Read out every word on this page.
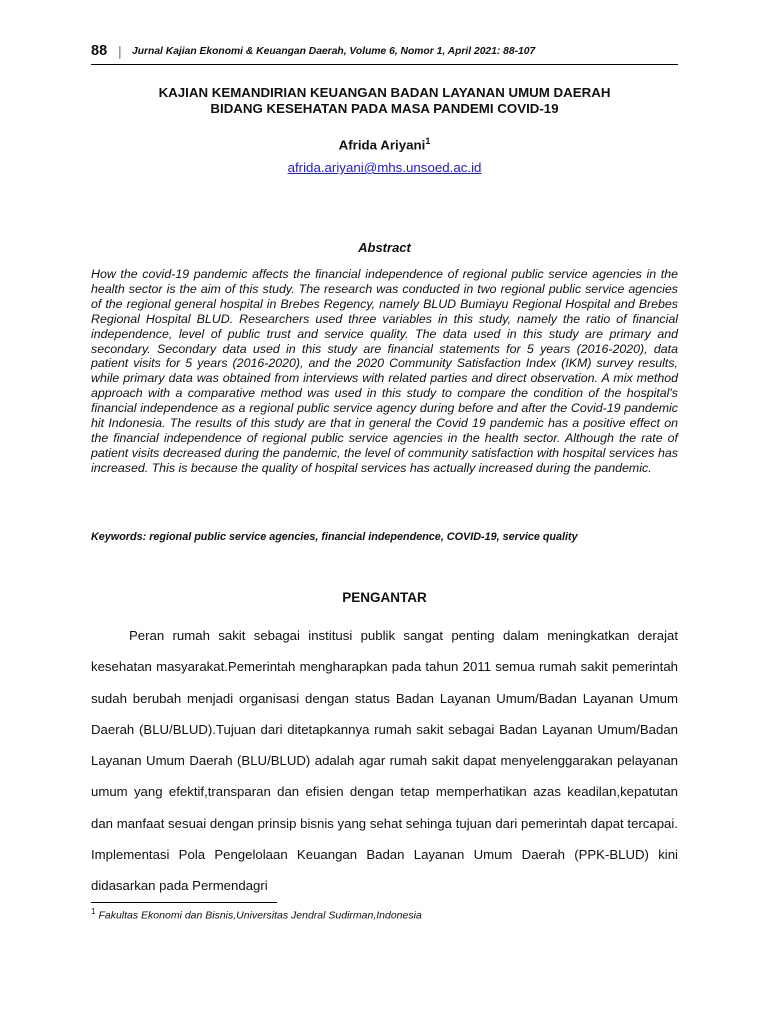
88 | Jurnal Kajian Ekonomi & Keuangan Daerah, Volume 6, Nomor 1, April 2021: 88-107
KAJIAN KEMANDIRIAN KEUANGAN BADAN LAYANAN UMUM DAERAH
BIDANG KESEHATAN PADA MASA PANDEMI COVID-19
Afrida Ariyani$^1$
afrida.ariyani@mhs.unsoed.ac.id
Abstract

How the covid-19 pandemic affects the financial independence of regional public service agencies in the health sector is the aim of this study. The research was conducted in two regional public service agencies of the regional general hospital in Brebes Regency, namely BLUD Bumiayu Regional Hospital and Brebes Regional Hospital BLUD. Researchers used three variables in this study, namely the ratio of financial independence, level of public trust and service quality. The data used in this study are primary and secondary. Secondary data used in this study are financial statements for 5 years (2016-2020), data patient visits for 5 years (2016-2020), and the 2020 Community Satisfaction Index (IKM) survey results, while primary data was obtained from interviews with related parties and direct observation. A mix method approach with a comparative method was used in this study to compare the condition of the hospital's financial independence as a regional public service agency during before and after the Covid-19 pandemic hit Indonesia. The results of this study are that in general the Covid 19 pandemic has a positive effect on the financial independence of regional public service agencies in the health sector. Although the rate of patient visits decreased during the pandemic, the level of community satisfaction with hospital services has increased. This is because the quality of hospital services has actually increased during the pandemic.

Keywords: regional public service agencies, financial independence, COVID-19, service quality
PENGANTAR

Peran rumah sakit sebagai institusi publik sangat penting dalam meningkatkan derajat kesehatan masyarakat.Pemerintah mengharapkan pada tahun 2011 semua rumah sakit pemerintah sudah berubah menjadi organisasi dengan status Badan Layanan Umum/Badan Layanan Umum Daerah (BLU/BLUD).Tujuan dari ditetapkannya rumah sakit sebagai Badan Layanan Umum/Badan Layanan Umum Daerah (BLU/BLUD) adalah agar rumah sakit dapat menyelenggarakan pelayanan umum yang efektif,transparan dan efisien dengan tetap memperhatikan azas keadilan,kepatutan dan manfaat sesuai dengan prinsip bisnis yang sehat sehinga tujuan dari pemerintah dapat tercapai. Implementasi Pola Pengelolaan Keuangan Badan Layanan Umum Daerah (PPK-BLUD) kini didasarkan pada Permendagri

$^1$ Fakultas Ekonomi dan Bisnis,Universitas Jendral Sudirman,Indonesia
